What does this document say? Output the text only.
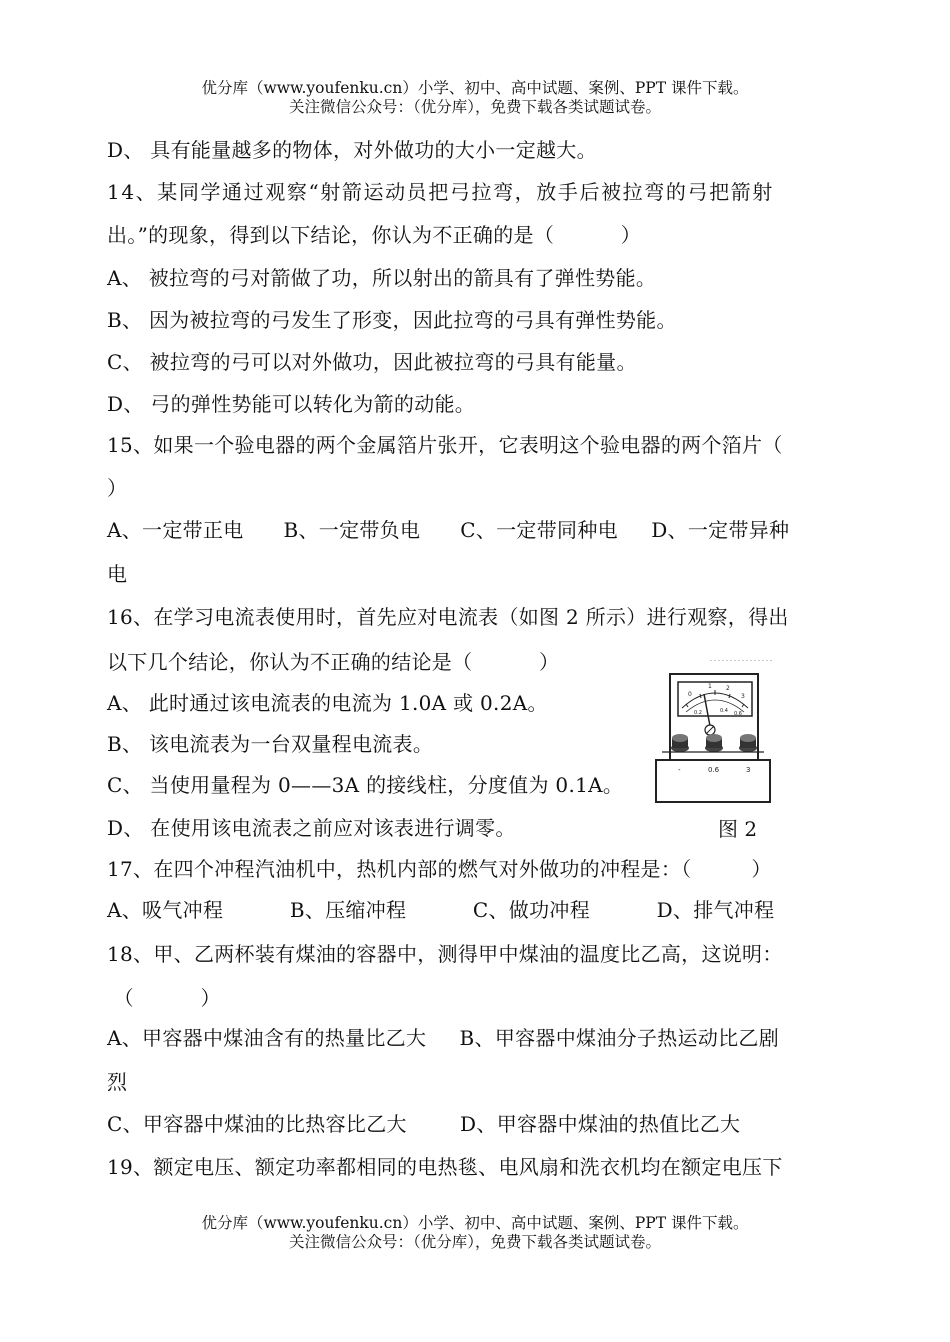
优分库（www.youfenku.cn）小学、初中、高中试题、案例、PPT 课件下载。
关注微信公众号：（优分库），免费下载各类试题试卷。
D、 具有能量越多的物体，对外做功的大小一定越大。
14、某同学通过观察“射箭运动员把弓拉弯，放手后被拉弯的弓把箭射
出。”的现象，得到以下结论，你认为不正确的是（          ）
A、 被拉弯的弓对箭做了功，所以射出的箭具有了弹性势能。
B、 因为被拉弯的弓发生了形变，因此拉弯的弓具有弹性势能。
C、 被拉弯的弓可以对外做功，因此被拉弯的弓具有能量。
D、 弓的弹性势能可以转化为箭的动能。
15、如果一个验电器的两个金属箔片张开，它表明这个验电器的两个箔片（
）
A、一定带正电      B、一定带负电      C、一定带同种电     D、一定带异种
电
16、在学习电流表使用时，首先应对电流表（如图 2 所示）进行观察，得出
以下几个结论，你认为不正确的结论是（          ）
A、 此时通过该电流表的电流为 1.0A 或 0.2A。
B、 该电流表为一台双量程电流表。
C、 当使用量程为 0——3A 的接线柱，分度值为 0.1A。
D、 在使用该电流表之前应对该表进行调零。
17、在四个冲程汽油机中，热机内部的燃气对外做功的冲程是：（         ）
A、吸气冲程          B、压缩冲程          C、做功冲程          D、排气冲程
18、甲、乙两杯装有煤油的容器中，测得甲中煤油的温度比乙高，这说明：
（          ）
A、甲容器中煤油含有的热量比乙大     B、甲容器中煤油分子热运动比乙剧
烈
C、甲容器中煤油的比热容比乙大        D、甲容器中煤油的热值比乙大
19、额定电压、额定功率都相同的电热毯、电风扇和洗衣机均在额定电压下
0
1 2
3
0.2	0.4 0.6
-	0.6	3
图 2
优分库（www.youfenku.cn）小学、初中、高中试题、案例、PPT 课件下载。
关注微信公众号：（优分库），免费下载各类试题试卷。
